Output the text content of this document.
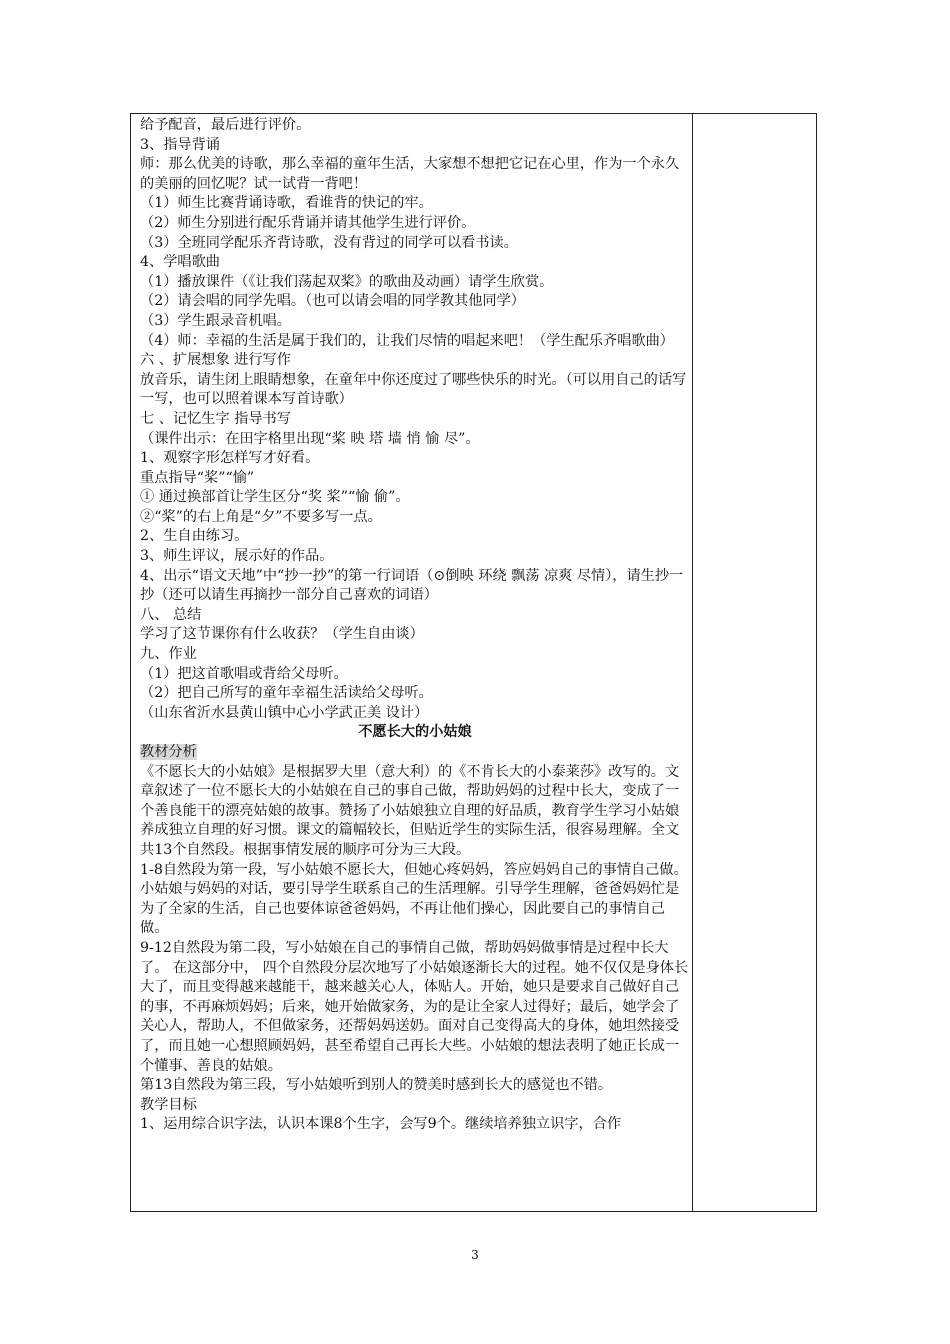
给予配音，最后进行评价。

3、指导背诵

师：那么优美的诗歌，那么幸福的童年生活，大家想不想把它记在心里，作为一个永久的美丽的回忆呢？试一试背一背吧！

（1）师生比赛背诵诗歌，看谁背的快记的牢。

（2）师生分别进行配乐背诵并请其他学生进行评价。

（3）全班同学配乐齐背诗歌，没有背过的同学可以看书读。

4、学唱歌曲

（1）播放课件（《让我们荡起双桨》的歌曲及动画）请学生欣赏。

（2）请会唱的同学先唱。（也可以请会唱的同学教其他同学）

（3）学生跟录音机唱。

（4）师：幸福的生活是属于我们的，让我们尽情的唱起来吧！（学生配乐齐唱歌曲）

六 、扩展想象 进行写作

放音乐，请生闭上眼睛想象，在童年中你还度过了哪些快乐的时光。（可以用自己的话写一写，也可以照着课本写首诗歌）

七 、记忆生字 指导书写

（课件出示：在田字格里出现“桨 映 塔 墙 悄 愉 尽”。

1、观察字形怎样写才好看。

重点指导“桨”“愉”

① 通过换部首让学生区分“奖 桨”“愉 偷”。

②“桨”的右上角是“夕”不要多写一点。

2、生自由练习。

3、师生评议，展示好的作品。

4、出示“语文天地”中“抄一抄”的第一行词语（⊙倒映 环绕 飘荡 凉爽 尽情），请生抄一抄（还可以请生再摘抄一部分自己喜欢的词语）

八、 总结

学习了这节课你有什么收获？（学生自由谈）

九、作业

（1）把这首歌唱或背给父母听。

（2）把自己所写的童年幸福生活读给父母听。

（山东省沂水县黄山镇中心小学武正美 设计）

不愿长大的小姑娘

教材分析

《不愿长大的小姑娘》是根据罗大里（意大利）的《不肯长大的小泰莱莎》改写的。文章叙述了一位不愿长大的小姑娘在自己的事自己做，帮助妈妈的过程中长大，变成了一个善良能干的漂亮姑娘的故事。赞扬了小姑娘独立自理的好品质，教育学生学习小姑娘养成独立自理的好习惯。课文的篇幅较长，但贴近学生的实际生活，很容易理解。全文共13个自然段。根据事情发展的顺序可分为三大段。

1-8自然段为第一段，写小姑娘不愿长大，但她心疼妈妈，答应妈妈自己的事情自己做。小姑娘与妈妈的对话，要引导学生联系自己的生活理解。引导学生理解，爸爸妈妈忙是为了全家的生活，自己也要体谅爸爸妈妈，不再让他们操心，因此要自己的事情自己做。

9-12自然段为第二段，写小姑娘在自己的事情自己做，帮助妈妈做事情是过程中长大了。 在这部分中， 四个自然段分层次地写了小姑娘逐渐长大的过程。她不仅仅是身体长大了，而且变得越来越能干，越来越关心人，体贴人。开始，她只是要求自己做好自己的事，不再麻烦妈妈；后来，她开始做家务，为的是让全家人过得好；最后，她学会了关心人，帮助人，不但做家务，还帮妈妈送奶。面对自己变得高大的身体，她坦然接受了，而且她一心想照顾妈妈，甚至希望自己再长大些。小姑娘的想法表明了她正长成一个懂事、善良的姑娘。

第13自然段为第三段，写小姑娘听到别人的赞美时感到长大的感觉也不错。

教学目标

1、运用综合识字法，认识本课8个生字，会写9个。继续培养独立识字，合作

3
